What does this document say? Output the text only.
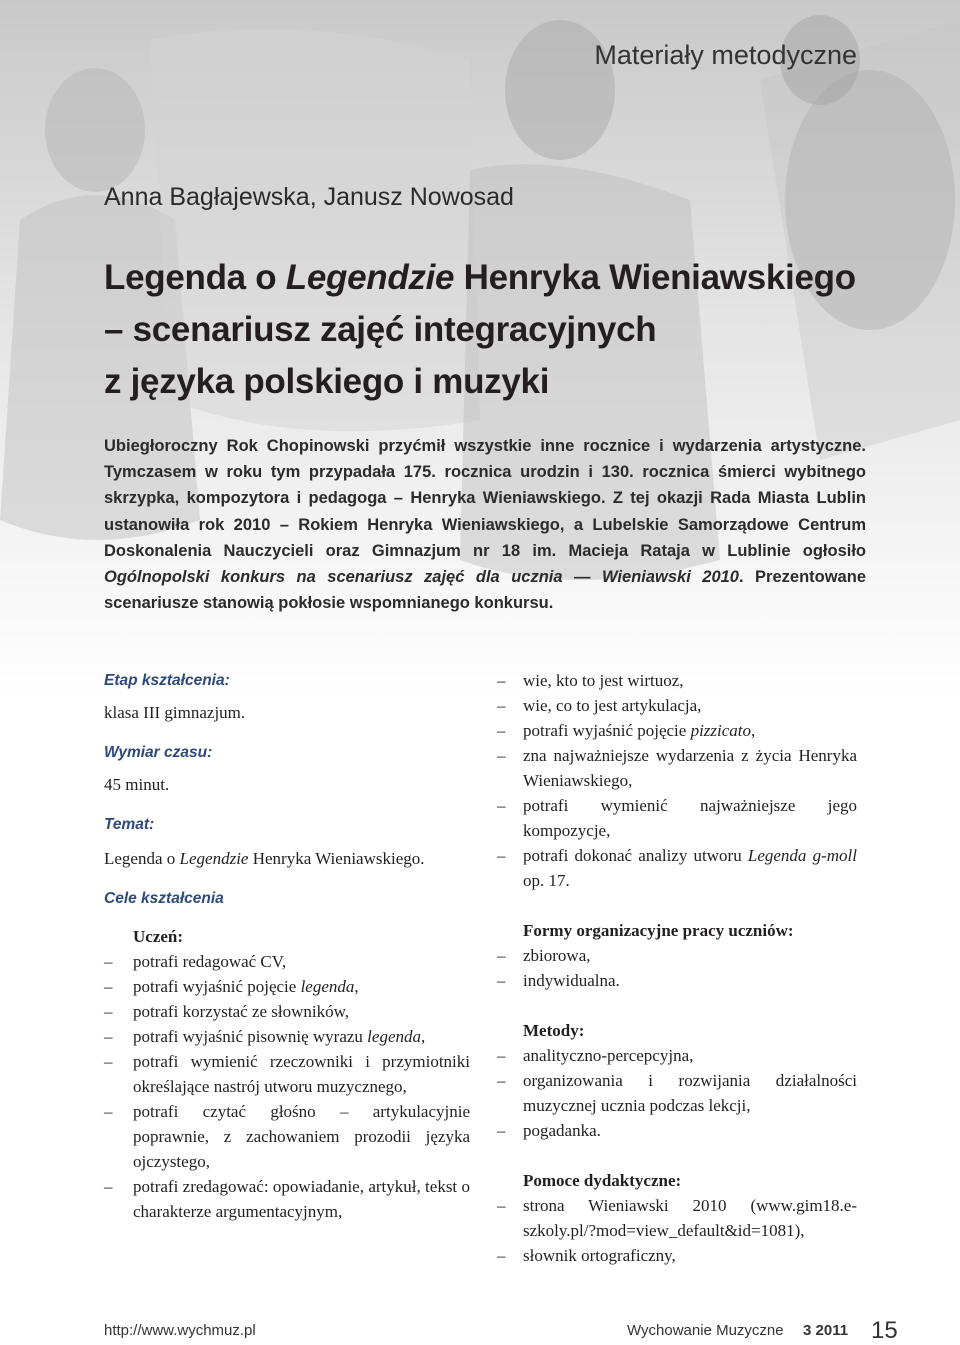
Materiały metodyczne
Anna Bagłajewska, Janusz Nowosad
Legenda o Legendzie Henryka Wieniawskiego
– scenariusz zajęć integracyjnych
z języka polskiego i muzyki

Ubiegłoroczny Rok Chopinowski przyćmił wszystkie inne rocznice i wydarzenia artystyczne. Tymczasem w roku tym przypadała 175. rocznica urodzin i 130. rocznica śmierci wybitnego skrzypka, kompozytora i pedagoga – Henryka Wieniawskiego. Z tej okazji Rada Miasta Lublin ustanowiła rok 2010 – Rokiem Henryka Wieniawskiego, a Lubelskie Samorządowe Centrum Doskonalenia Nauczycieli oraz Gimnazjum nr 18 im. Macieja Rataja w Lublinie ogłosiło Ogólnopolski konkurs na scenariusz zajęć dla ucznia — Wieniawski 2010. Prezentowane scenariusze stanowią pokłosie wspomnianego konkursu.

Etap kształcenia:

klasa III gimnazjum.

Wymiar czasu:

45 minut.

Temat:

Legenda o Legendzie Henryka Wieniawskiego.

Cele kształcenia
Uczeń:
– potrafi redagować CV,
– potrafi wyjaśnić pojęcie legenda,
– potrafi korzystać ze słowników,
– potrafi wyjaśnić pisownię wyrazu legenda,
– potrafi wymienić rzeczowniki i przymiotniki określające nastrój utworu muzycznego,
– potrafi czytać głośno – artykulacyjnie poprawnie, z zachowaniem prozodii języka ojczystego,
– potrafi zredagować: opowiadanie, artykuł, tekst o charakterze argumentacyjnym,
– wie, kto to jest wirtuoz,
– wie, co to jest artykulacja,
– potrafi wyjaśnić pojęcie pizzicato,
– zna najważniejsze wydarzenia z życia Henryka Wieniawskiego,
– potrafi wymienić najważniejsze jego kompozycje,
– potrafi dokonać analizy utworu Legenda g-moll op. 17.
Formy organizacyjne pracy uczniów:
– zbiorowa,
– indywidualna.
Metody:
– analityczno-percepcyjna,
– organizowania i rozwijania działalności muzycznej ucznia podczas lekcji,
– pogadanka.
Pomoce dydaktyczne:
– strona Wieniawski 2010 (www.gim18.e-szkoly.pl/?mod=view_default&id=1081),
– słownik ortograficzny,
http://www.wychmuz.pl	Wychowanie Muzyczne 3 2011 15
